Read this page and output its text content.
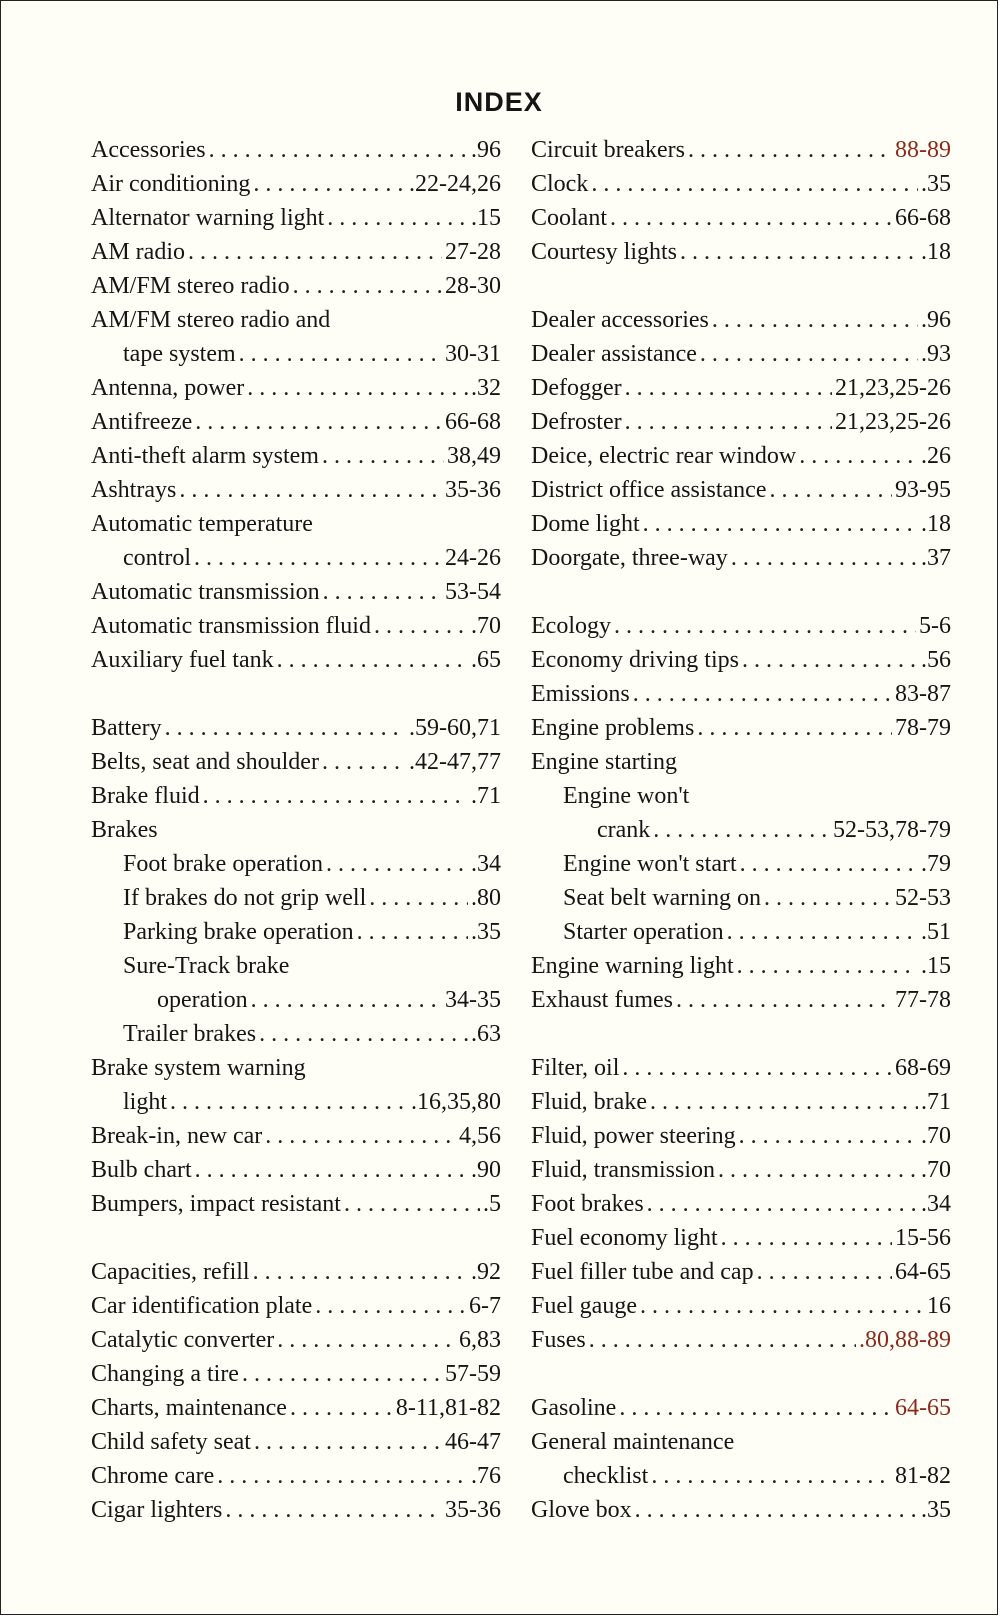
INDEX
Accessories . . .	.96
Air conditioning . . .	.22-24,26
Alternator warning light . . .	.15
AM radio . . .	27-28
AM/FM stereo radio . . .	28-30
AM/FM stereo radio and
tape system . . .	30-31
Antenna, power . . .	.32
Antifreeze . . .	66-68
Anti-theft alarm system . . .	38,49
Ashtrays . . .	35-36
Automatic temperature
control . . .	24-26
Automatic transmission . . .	53-54
Automatic transmission fluid . . .	.70
Auxiliary fuel tank . . .	.65
Battery . . .	.59-60,71
Belts, seat and shoulder . . .	.42-47,77
Brake fluid . . .	.71
Brakes
Foot brake operation . . .	.34
If brakes do not grip well . . .	.80
Parking brake operation . . .	.35
Sure-Track brake
operation . . .	34-35
Trailer brakes . . .	.63
Brake system warning
light . . .	.16,35,80
Break-in, new car . . .	4,56
Bulb chart . . .	.90
Bumpers, impact resistant . . .	.5
Capacities, refill . . .	.92
Car identification plate . . .	6-7
Catalytic converter . . .	6,83
Changing a tire . . .	57-59
Charts, maintenance . . .	8-11,81-82
Child safety seat . . .	46-47
Chrome care . . .	.76
Cigar lighters . . .	35-36
Circuit breakers . . .	88-89
Clock . . .	.35
Coolant . . .	66-68
Courtesy lights . . .	.18
Dealer accessories . . .	.96
Dealer assistance . . .	.93
Defogger . . .	21,23,25-26
Defroster . . .	21,23,25-26
Deice, electric rear window . . .	.26
District office assistance . . .	93-95
Dome light . . .	.18
Doorgate, three-way . . .	.37
Ecology . . .	5-6
Economy driving tips . . .	.56
Emissions . . .	83-87
Engine problems . . .	78-79
Engine starting
Engine won't
crank . . .	52-53,78-79
Engine won't start . . .	.79
Seat belt warning on . . .	52-53
Starter operation . . .	.51
Engine warning light . . .	.15
Exhaust fumes . . .	77-78
Filter, oil . . .	68-69
Fluid, brake . . .	.71
Fluid, power steering . . .	.70
Fluid, transmission . . .	.70
Foot brakes . . .	.34
Fuel economy light . . .	15-56
Fuel filler tube and cap . . .	64-65
Fuel gauge . . .	16
Fuses . . .	.80,88-89
Gasoline . . .	64-65
General maintenance
checklist . . .	81-82
Glove box . . .	.35
